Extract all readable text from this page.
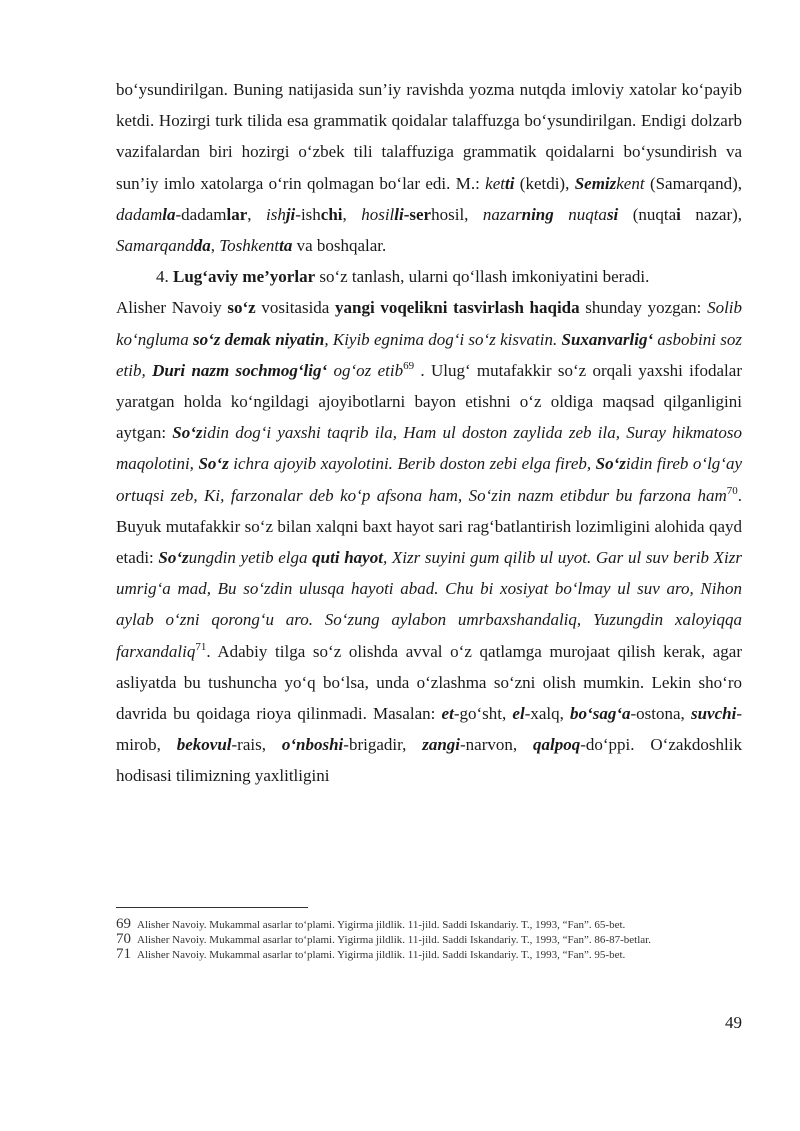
bo‘ysundirilgan. Buning natijasida sun’iy ravishda yozma nutqda imloviy xatolar ko‘payib ketdi. Hozirgi turk tilida esa grammatik qoidalar talaffuzga bo‘ysundirilgan. Endigi dolzarb vazifalardan biri hozirgi o‘zbek tili talaffuziga grammatik qoidalarni bo‘ysundirish va sun’iy imlo xatolarga o‘rin qolmagan bo‘lar edi. M.: ketti (ketdi), Semizkent (Samarqand), dadamla-dadamlar, ishji-ishchi, hosilli-serhosil, nazarning nuqtasi (nuqtai nazar), Samarqandda, Toshkentta va boshqalar.

4. Lug‘aviy me’yorlar so‘z tanlash, ularni qo‘llash imkoniyatini beradi.

Alisher Navoiy so‘z vositasida yangi voqelikni tasvirlash haqida shunday yozgan: Solib ko‘ngluma so‘z demak niyatin, Kiyib egnima dog‘i so‘z kisvatin. Suxanvarlig‘ asbobini soz etib, Duri nazm sochmog‘lig‘ og‘oz etib$^{69}$ . Ulug‘ mutafakkir so‘z orqali yaxshi ifodalar yaratgan holda ko‘ngildagi ajoyibotlarni bayon etishni o‘z oldiga maqsad qilganligini aytgan: So‘zidin dog‘i yaxshi taqrib ila, Ham ul doston zaylida zeb ila, Suray hikmatoso maqolotini, So‘z ichra ajoyib xayolotini. Berib doston zebi elga fireb, So‘zidin fireb o‘lg‘ay ortuqsi zeb, Ki, farzonalar deb ko‘p afsona ham, So‘zin nazm etibdur bu farzona ham$^{70}$. Buyuk mutafakkir so‘z bilan xalqni baxt hayot sari rag‘batlantirish lozimligini alohida qayd etadi: So‘zungdin yetib elga quti hayot, Xizr suyini gum qilib ul uyot. Gar ul suv berib Xizr umrig‘a mad, Bu so‘zdin ulusqa hayoti abad. Chu bi xosiyat bo‘lmay ul suv aro, Nihon aylab o‘zni qorong‘u aro. So‘zung aylabon umrbaxshandaliq, Yuzungdin xaloyiqqa farxandaliq$^{71}$. Adabiy tilga so‘z olishda avval o‘z qatlamga murojaat qilish kerak, agar asliyatda bu tushuncha yo‘q bo‘lsa, unda o‘zlashma so‘zni olish mumkin. Lekin sho‘ro davrida bu qoidaga rioya qilinmadi. Masalan: et-go‘sht, el-xalq, bo‘sag‘a-ostona, suvchi-mirob, bekovul-rais, o‘nboshi-brigadir, zangi-narvon, qalpoq-do‘ppi. O‘zakdoshlik hodisasi tilimizning yaxlitligini

69 Alisher Navoiy. Mukammal asarlar to‘plami. Yigirma jildlik. 11-jild. Saddi Iskandariy. T., 1993, “Fan”. 65-bet.
70 Alisher Navoiy. Mukammal asarlar to‘plami. Yigirma jildlik. 11-jild. Saddi Iskandariy. T., 1993, “Fan”. 86-87-betlar.
71 Alisher Navoiy. Mukammal asarlar to‘plami. Yigirma jildlik. 11-jild. Saddi Iskandariy. T., 1993, “Fan”. 95-bet.
49
